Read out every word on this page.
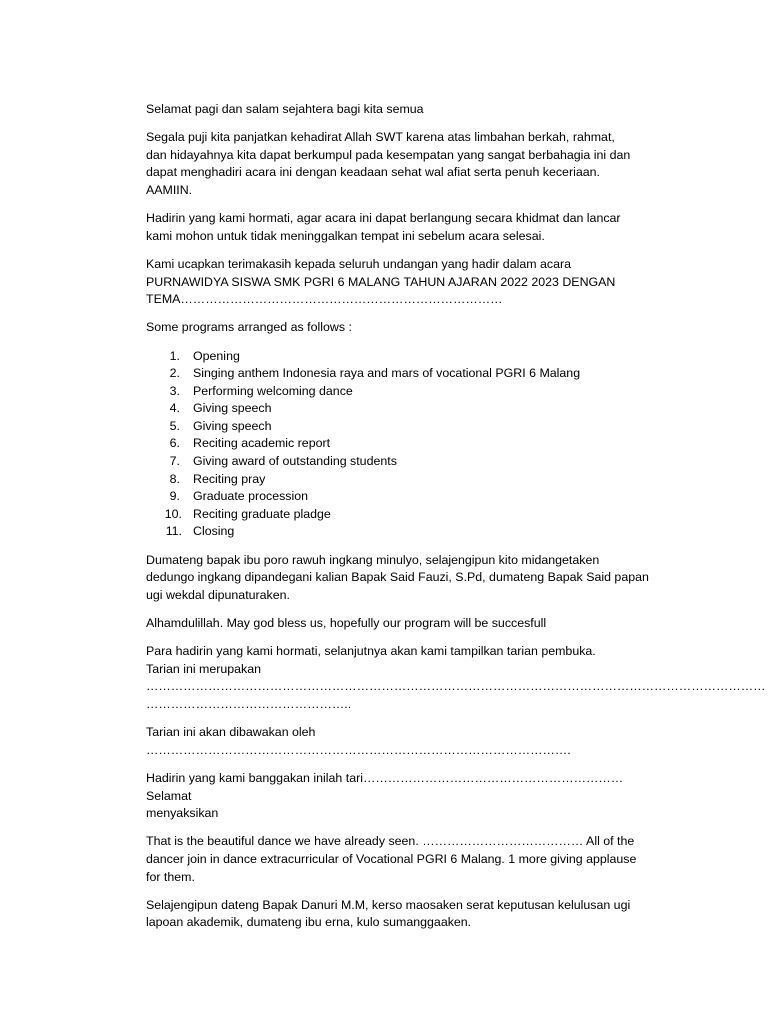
Selamat pagi dan salam sejahtera bagi kita semua

Segala puji kita panjatkan kehadirat Allah SWT karena atas limbahan berkah, rahmat,
dan hidayahnya kita dapat berkumpul pada kesempatan yang sangat berbahagia ini dan
dapat menghadiri acara ini dengan keadaan sehat wal afiat serta penuh keceriaan.
AAMIIN.

Hadirin yang kami hormati, agar acara ini dapat berlangung secara khidmat dan lancar
kami mohon untuk tidak meninggalkan tempat ini sebelum acara selesai.

Kami ucapkan terimakasih kepada seluruh undangan yang hadir dalam acara
PURNAWIDYA SISWA SMK PGRI 6 MALANG TAHUN AJARAN 2022 2023 DENGAN
TEMA……………………………………………………………………

Some programs arranged as follows :

1. Opening
2. Singing anthem Indonesia raya and mars of vocational PGRI 6 Malang
3. Performing welcoming dance
4. Giving speech
5. Giving speech
6. Reciting academic report
7. Giving award of outstanding students
8. Reciting pray
9. Graduate procession
10. Reciting graduate pladge
11. Closing

Dumateng bapak ibu poro rawuh ingkang minulyo, selajengipun kito midangetaken
dedungo ingkang dipandegani kalian Bapak Said Fauzi, S.Pd, dumateng Bapak Said papan
ugi wekdal dipunaturaken.

Alhamdulillah. May god bless us, hopefully our program will be succesfull

Para hadirin yang kami hormati, selanjutnya akan kami tampilkan tarian pembuka.
Tarian ini merupakan
……………………………………………………………………………………………………………………………………
…………………………………………..

Tarian ini akan dibawakan oleh
………………………………………………………………………………………….

Hadirin yang kami banggakan inilah tari……………………………………………………… Selamat
menyaksikan

That is the beautiful dance we have already seen. ………………………………… All of the
dancer join in dance extracurricular of Vocational PGRI 6 Malang. 1 more giving applause
for them.

Selajengipun dateng Bapak Danuri M.M, kerso maosaken serat keputusan kelulusan ugi
lapoan akademik, dumateng ibu erna, kulo sumanggaaken.
